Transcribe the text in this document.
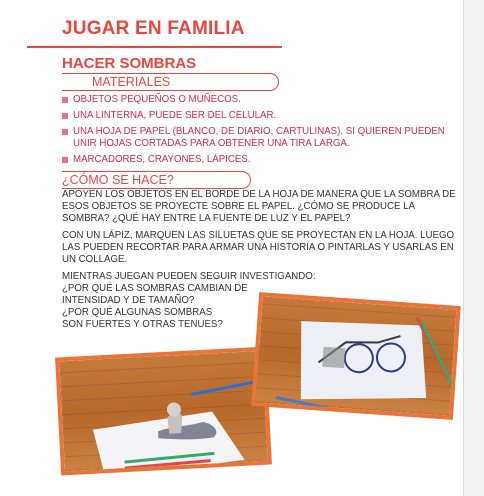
JUGAR EN FAMILIA
HACER SOMBRAS
MATERIALES
OBJETOS PEQUEÑOS O MUÑECOS.
UNA LINTERNA, PUEDE SER DEL CELULAR.
UNA HOJA DE PAPEL (BLANCO, DE DIARIO, CARTULINAS). SI QUIEREN PUEDEN UNIR HOJAS CORTADAS PARA OBTENER UNA TIRA LARGA.
MARCADORES, CRAYONES, LÁPICES.
¿CÓMO SE HACE?

APOYEN LOS OBJETOS EN EL BORDE DE LA HOJA DE MANERA QUE LA SOMBRA DE ESOS OBJETOS SE PROYECTE SOBRE EL PAPEL. ¿CÓMO SE PRODUCE LA SOMBRA? ¿QUÉ HAY ENTRE LA FUENTE DE LUZ Y EL PAPEL?

CON UN LÁPIZ, MARQUEN LAS SILUETAS QUE SE PROYECTAN EN LA HOJA. LUEGO LAS PUEDEN RECORTAR PARA ARMAR UNA HISTORIA O PINTARLAS Y USARLAS EN UN COLLAGE.

MIENTRAS JUEGAN PUEDEN SEGUIR INVESTIGANDO:
¿POR QUÉ LAS SOMBRAS CAMBIAN DE
INTENSIDAD Y DE TAMAÑO?
¿POR QUÉ ALGUNAS SOMBRAS
SON FUERTES Y OTRAS TENUES?
